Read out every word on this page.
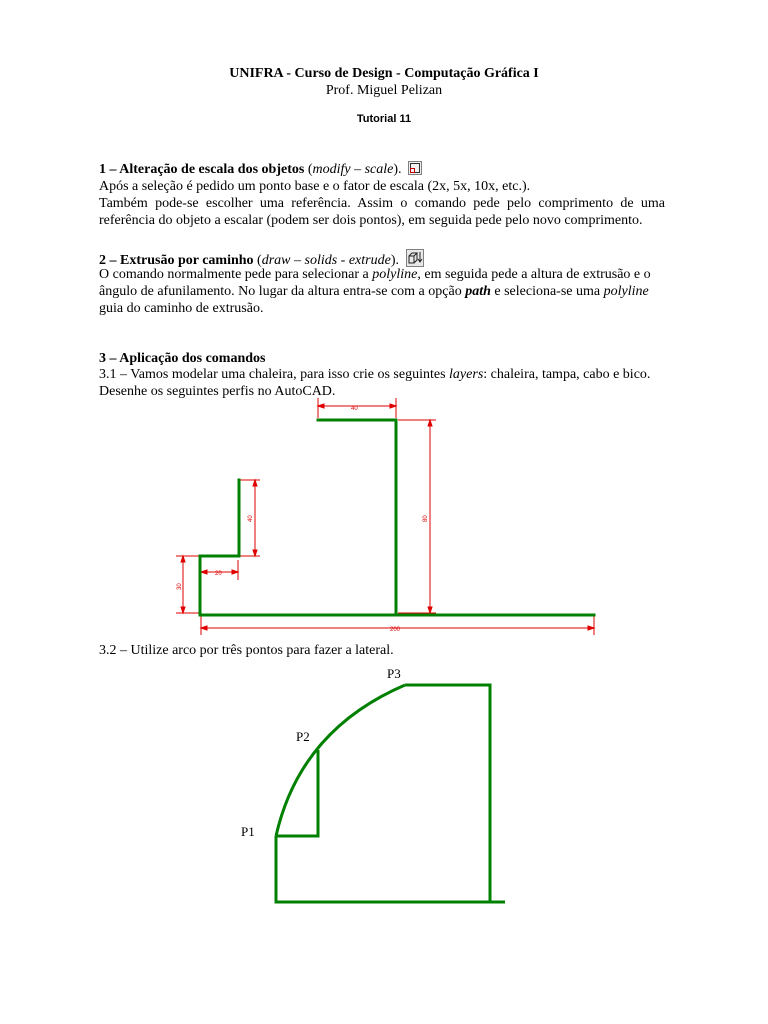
UNIFRA - Curso de Design - Computação Gráfica I
Prof. Miguel Pelizan
Tutorial 11
1 – Alteração de escala dos objetos (modify – scale).
Após a seleção é pedido um ponto base e o fator de escala (2x, 5x, 10x, etc.).
Também pode-se escolher uma referência. Assim o comando pede pelo comprimento de uma referência do objeto a escalar (podem ser dois pontos), em seguida pede pelo novo comprimento.
2 – Extrusão por caminho (draw – solids - extrude).
O comando normalmente pede para selecionar a polyline, em seguida pede a altura de extrusão e o ângulo de afunilamento. No lugar da altura entra-se com a opção path e seleciona-se uma polyline guia do caminho de extrusão.
3 – Aplicação dos comandos
3.1 – Vamos modelar uma chaleira, para isso crie os seguintes layers: chaleira, tampa, cabo e bico.
Desenhe os seguintes perfis no AutoCAD.
40
80
40
30
20
200
3.2 – Utilize arco por três pontos para fazer a lateral.
P3
P2
P1
